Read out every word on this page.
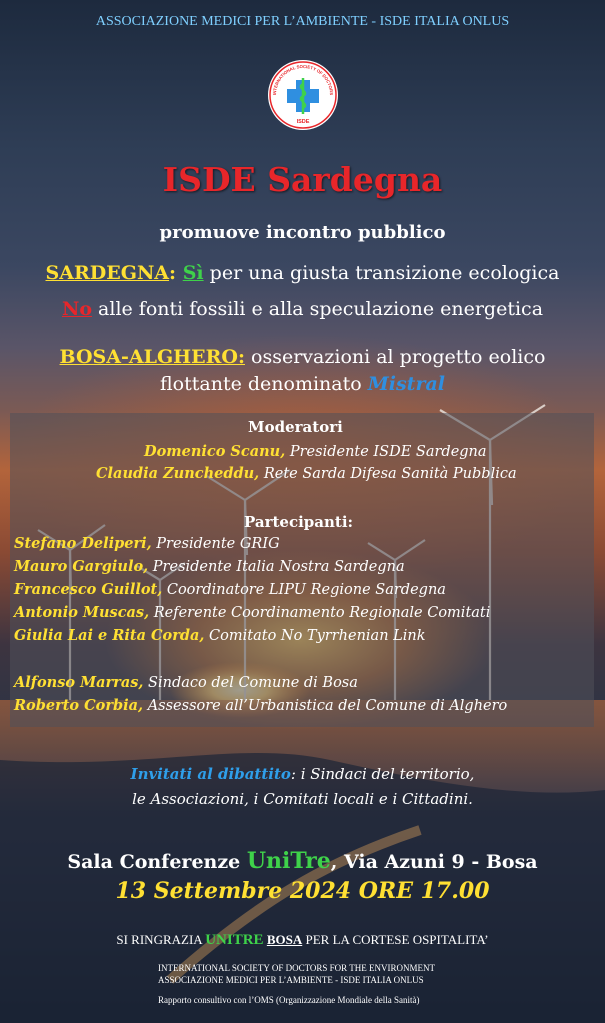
ASSOCIAZIONE MEDICI PER L’AMBIENTE - ISDE ITALIA ONLUS
INTERNATIONAL SOCIETY OF DOCTORS
ISDE
ISDE Sardegna
promuove incontro pubblico
SARDEGNA: Sì per una giusta transizione ecologica
No alle fonti fossili e alla speculazione energetica
BOSA-ALGHERO: osservazioni al progetto eolico
flottante denominato Mistral
Moderatori
Domenico Scanu, Presidente ISDE Sardegna
Claudia Zuncheddu, Rete Sarda Difesa Sanità Pubblica
Partecipanti:
Stefano Deliperi, Presidente GRIG
Mauro Gargiulo, Presidente Italia Nostra Sardegna
Francesco Guillot, Coordinatore LIPU Regione Sardegna
Antonio Muscas, Referente Coordinamento Regionale Comitati
Giulia Lai e Rita Corda, Comitato No Tyrrhenian Link
Alfonso Marras, Sindaco del Comune di Bosa
Roberto Corbia, Assessore all’Urbanistica del Comune di Alghero
Invitati al dibattito: i Sindaci del territorio,
le Associazioni, i Comitati locali e i Cittadini.
Sala Conferenze UniTre, Via Azuni 9 - Bosa
13 Settembre 2024 ORE 17.00
SI RINGRAZIA UNITRE BOSA PER LA CORTESE OSPITALITA’
INTERNATIONAL SOCIETY OF DOCTORS FOR THE ENVIRONMENT
ASSOCIAZIONE MEDICI PER L’AMBIENTE - ISDE ITALIA ONLUS
Rapporto consultivo con l’OMS (Organizzazione Mondiale della Sanità)
